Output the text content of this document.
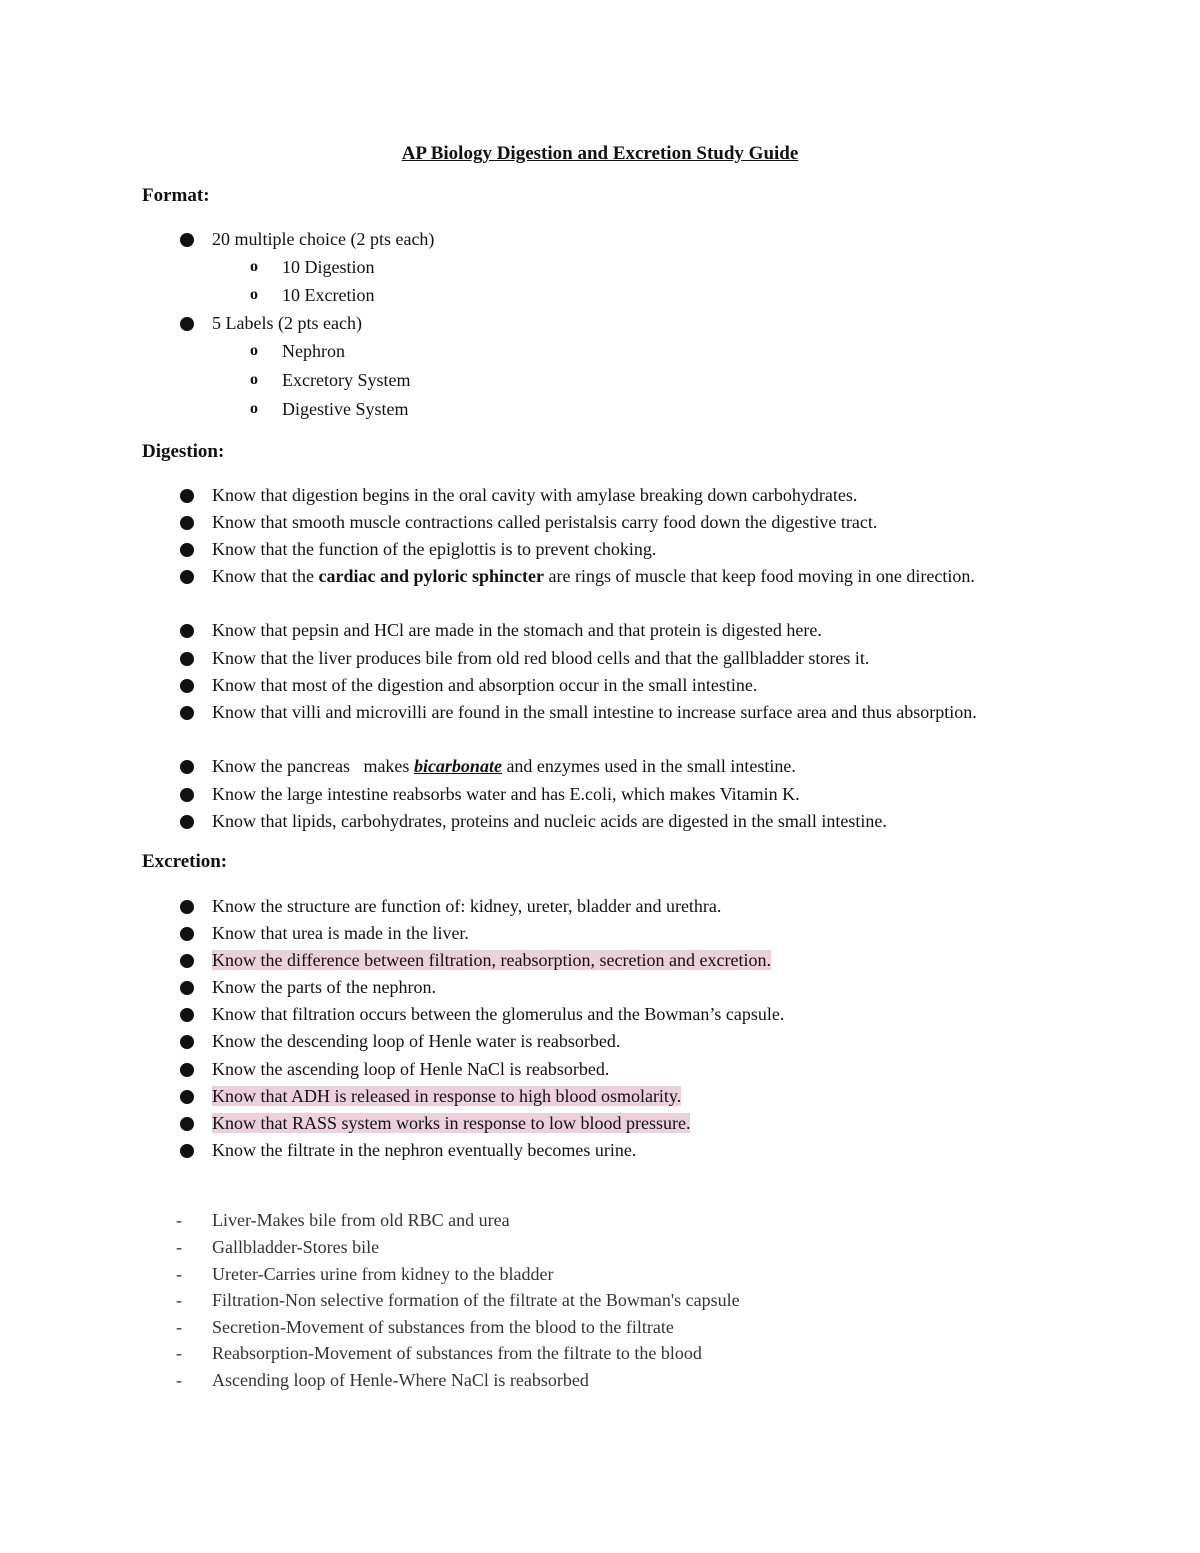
AP Biology Digestion and Excretion Study Guide
Format:
20 multiple choice (2 pts each)
o 10 Digestion
o 10 Excretion
5 Labels (2 pts each)
o Nephron
o Excretory System
o Digestive System
Digestion:
Know that digestion begins in the oral cavity with amylase breaking down carbohydrates.
Know that smooth muscle contractions called peristalsis carry food down the digestive tract.
Know that the function of the epiglottis is to prevent choking.
Know that the cardiac and pyloric sphincter are rings of muscle that keep food moving in one direction.
Know that pepsin and HCl are made in the stomach and that protein is digested here.
Know that the liver produces bile from old red blood cells and that the gallbladder stores it.
Know that most of the digestion and absorption occur in the small intestine.
Know that villi and microvilli are found in the small intestine to increase surface area and thus absorption.
Know the pancreas   makes bicarbonate and enzymes used in the small intestine.
Know the large intestine reabsorbs water and has E.coli, which makes Vitamin K.
Know that lipids, carbohydrates, proteins and nucleic acids are digested in the small intestine.
Excretion:
Know the structure are function of: kidney, ureter, bladder and urethra.
Know that urea is made in the liver.
Know the difference between filtration, reabsorption, secretion and excretion.
Know the parts of the nephron.
Know that filtration occurs between the glomerulus and the Bowman’s capsule.
Know the descending loop of Henle water is reabsorbed.
Know the ascending loop of Henle NaCl is reabsorbed.
Know that ADH is released in response to high blood osmolarity.
Know that RASS system works in response to low blood pressure.
Know the filtrate in the nephron eventually becomes urine.
- Liver-Makes bile from old RBC and urea
- Gallbladder-Stores bile
- Ureter-Carries urine from kidney to the bladder
- Filtration-Non selective formation of the filtrate at the Bowman's capsule
- Secretion-Movement of substances from the blood to the filtrate
- Reabsorption-Movement of substances from the filtrate to the blood
- Ascending loop of Henle-Where NaCl is reabsorbed
